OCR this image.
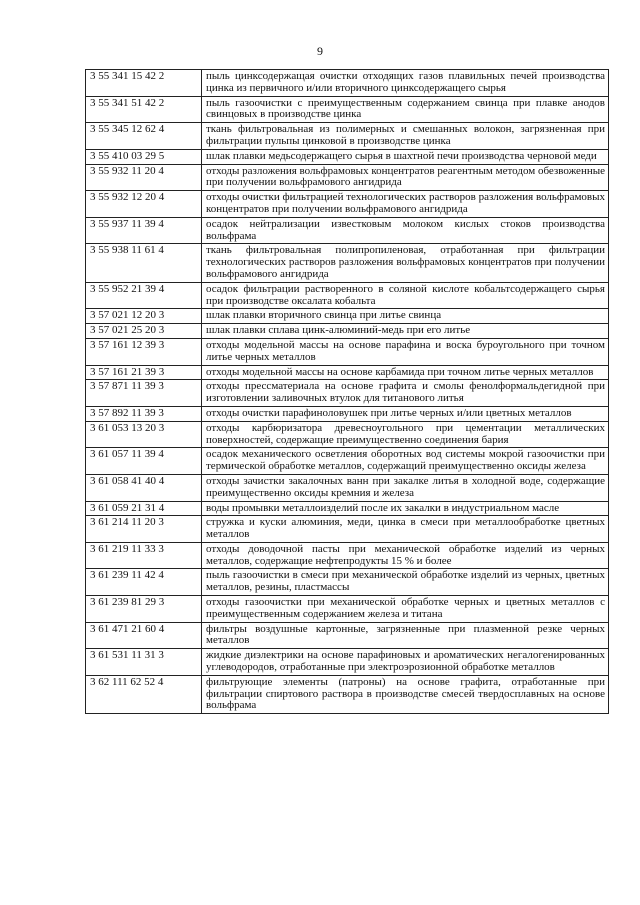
9
3 55 341 15 42 2	пыль цинксодержащая очистки отходящих газов плавильных печей производства цинка из первичного и/или вторичного цинксодержащего сырья
3 55 341 51 42 2	пыль газоочистки с преимущественным содержанием свинца при плавке анодов свинцовых в производстве цинка
3 55 345 12 62 4	ткань фильтровальная из полимерных и смешанных волокон, загрязненная при фильтрации пульпы цинковой в производстве цинка
3 55 410 03 29 5	шлак плавки медьсодержащего сырья в шахтной печи производства черновой меди
3 55 932 11 20 4	отходы разложения вольфрамовых концентратов реагентным методом обезвоженные при получении вольфрамового ангидрида
3 55 932 12 20 4	отходы очистки фильтрацией технологических растворов разложения вольфрамовых концентратов при получении вольфрамового ангидрида
3 55 937 11 39 4	осадок нейтрализации известковым молоком кислых стоков производства вольфрама
3 55 938 11 61 4	ткань фильтровальная полипропиленовая, отработанная при фильтрации технологических растворов разложения вольфрамовых концентратов при получении вольфрамового ангидрида
3 55 952 21 39 4	осадок фильтрации растворенного в соляной кислоте кобальтсодержащего сырья при производстве оксалата кобальта
3 57 021 12 20 3	шлак плавки вторичного свинца при литье свинца
3 57 021 25 20 3	шлак плавки сплава цинк-алюминий-медь при его литье
3 57 161 12 39 3	отходы модельной массы на основе парафина и воска буроугольного при точном литье черных металлов
3 57 161 21 39 3	отходы модельной массы на основе карбамида при точном литье черных металлов
3 57 871 11 39 3	отходы прессматериала на основе графита и смолы фенолформальдегидной при изготовлении заливочных втулок для титанового литья
3 57 892 11 39 3	отходы очистки парафиноловушек при литье черных и/или цветных металлов
3 61 053 13 20 3	отходы карбюризатора древесноугольного при цементации металлических поверхностей, содержащие преимущественно соединения бария
3 61 057 11 39 4	осадок механического осветления оборотных вод системы мокрой газоочистки при термической обработке металлов, содержащий преимущественно оксиды железа
3 61 058 41 40 4	отходы зачистки закалочных ванн при закалке литья в холодной воде, содержащие преимущественно оксиды кремния и железа
3 61 059 21 31 4	воды промывки металлоизделий после их закалки в индустриальном масле
3 61 214 11 20 3	стружка и куски алюминия, меди, цинка в смеси при металлообработке цветных металлов
3 61 219 11 33 3	отходы доводочной пасты при механической обработке изделий из черных металлов, содержащие нефтепродукты 15 % и более
3 61 239 11 42 4	пыль газоочистки в смеси при механической обработке изделий из черных, цветных металлов, резины, пластмассы
3 61 239 81 29 3	отходы газоочистки при механической обработке черных и цветных металлов с преимущественным содержанием железа и титана
3 61 471 21 60 4	фильтры воздушные картонные, загрязненные при плазменной резке черных металлов
3 61 531 11 31 3	жидкие диэлектрики на основе парафиновых и ароматических негалогенированных углеводородов, отработанные при электроэрозионной обработке металлов
3 62 111 62 52 4	фильтрующие элементы (патроны) на основе графита, отработанные при фильтрации спиртового раствора в производстве смесей твердосплавных на основе вольфрама
